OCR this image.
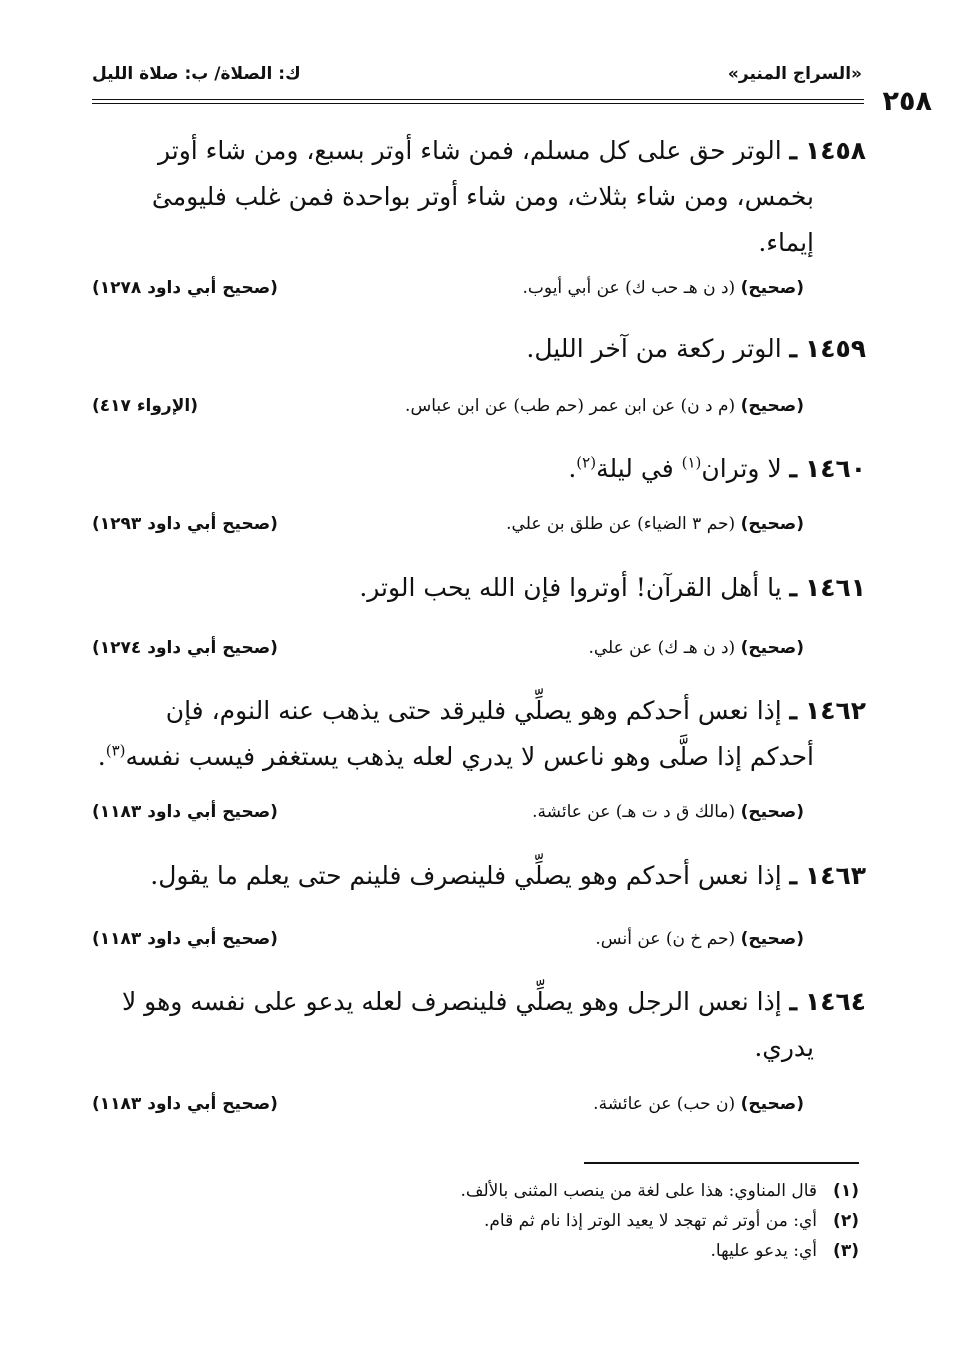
«السراج المنير»
ك: الصلاة/ ب: صلاة الليل
٢٥٨
١٤٥٨ ـ الوتر حق على كل مسلم، فمن شاء أوتر بسبع، ومن شاء أوتر
بخمس، ومن شاء بثلاث، ومن شاء أوتر بواحدة فمن غلب فليومئ
إيماء.
(صحيح) (د ن هـ حب ك) عن أبي أيوب.
(صحيح أبي داود ١٢٧٨)
١٤٥٩ ـ الوتر ركعة من آخر الليل.
(صحيح) (م د ن) عن ابن عمر (حم طب) عن ابن عباس.
(الإرواء ٤١٧)
١٤٦٠ ـ لا وتران$^{(١)}$ في ليلة$^{(٢)}$.
(صحيح) (حم ٣ الضياء) عن طلق بن علي.
(صحيح أبي داود ١٢٩٣)
١٤٦١ ـ يا أهل القرآن! أوتروا فإن الله يحب الوتر.
(صحيح) (د ن هـ ك) عن علي.
(صحيح أبي داود ١٢٧٤)
١٤٦٢ ـ إذا نعس أحدكم وهو يصلِّي فليرقد حتى يذهب عنه النوم، فإن
أحدكم إذا صلَّى وهو ناعس لا يدري لعله يذهب يستغفر فيسب نفسه$^{(٣)}$.
(صحيح) (مالك ق د ت هـ) عن عائشة.
(صحيح أبي داود ١١٨٣)
١٤٦٣ ـ إذا نعس أحدكم وهو يصلِّي فلينصرف فلينم حتى يعلم ما يقول.
(صحيح) (حم خ ن) عن أنس.
(صحيح أبي داود ١١٨٣)
١٤٦٤ ـ إذا نعس الرجل وهو يصلِّي فلينصرف لعله يدعو على نفسه وهو لا
يدري.
(صحيح) (ن حب) عن عائشة.
(صحيح أبي داود ١١٨٣)
(١)قال المناوي: هذا على لغة من ينصب المثنى بالألف.
(٢)أي: من أوتر ثم تهجد لا يعيد الوتر إذا نام ثم قام.
(٣)أي: يدعو عليها.
